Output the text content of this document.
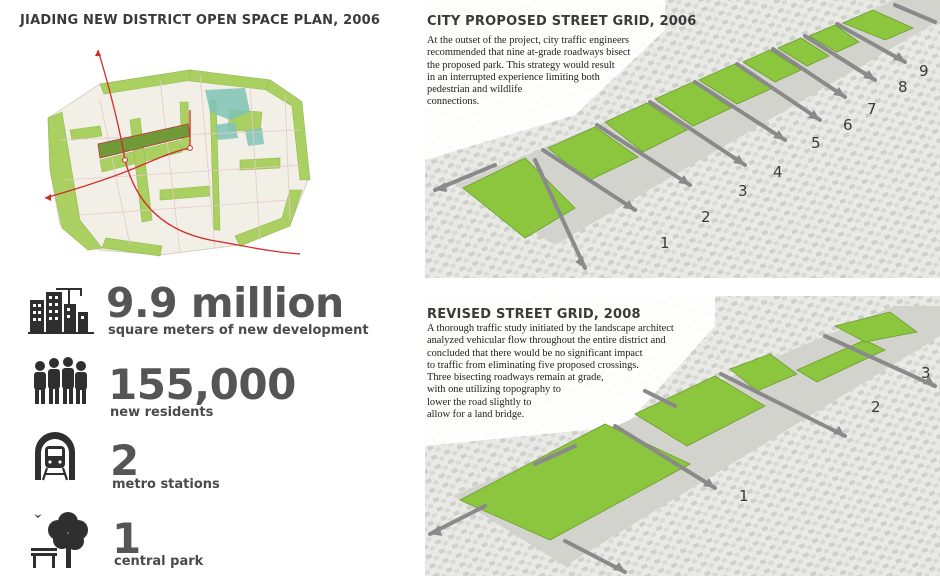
JIADING NEW DISTRICT OPEN SPACE PLAN, 2006
9.9 million
square meters of new development
155,000
new residents
2
metro stations
1
central park
1
2
3
4
5
6
7
8
9
CITY PROPOSED STREET GRID, 2006
At the outset of the project, city traffic engineers
recommended that nine at-grade roadways bisect
the proposed park. This strategy would result
in an interrupted experience limiting both
pedestrian and wildlife
connections.
1
2
3
REVISED STREET GRID, 2008
A thorough traffic study initiated by the landscape architect
analyzed vehicular flow throughout the entire district and
concluded that there would be no significant impact
to traffic from eliminating five proposed crossings.
Three bisecting roadways remain at grade,
with one utilizing topography to
lower the road slightly to
allow for a land bridge.
